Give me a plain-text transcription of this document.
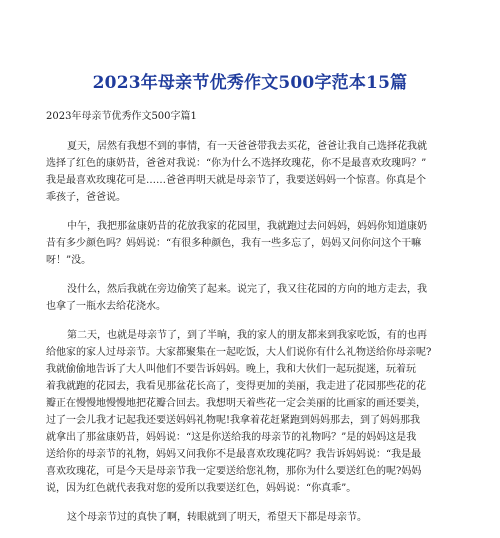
2023年母亲节优秀作文500字范本15篇
2023年母亲节优秀作文500字篇1
夏天，居然有我想不到的事情，有一天爸爸带我去买花，爸爸让我自己选择花我就
选择了红色的康奶昔，爸爸对我说：“你为什么不选择玫瑰花，你不是最喜欢玫瑰吗？”
我是最喜欢玫瑰花可是……爸爸再明天就是母亲节了，我要送妈妈一个惊喜。你真是个
乖孩子，爸爸说。
中午，我把那盆康奶昔的花放我家的花园里，我就跑过去问妈妈，妈妈你知道康奶
昔有多少颜色吗？妈妈说：“有很多种颜色，我有一些多忘了，妈妈又问你问这个干嘛
呀！”没。
没什么，然后我就在旁边偷笑了起来。说完了，我又往花园的方向的地方走去，我
也拿了一瓶水去给花浇水。
第二天，也就是母亲节了，到了半晌，我的家人的朋友都来到我家吃饭，有的也再
给他家的家人过母亲节。大家都聚集在一起吃饭，大人们说你有什么礼物送给你母亲呢?
我就偷偷地告诉了大人叫他们不要告诉妈妈。晚上，我和大伙们一起玩捉迷，玩着玩
着我就跑的花园去，我看见那盆花长高了，变得更加的美丽，我走进了花园那些花的花
瓣正在慢慢地慢慢地把花瓣合回去。我想明天着些花一定会美丽的比画家的画还要美，
过了一会儿我才记起我还要送妈妈礼物呢!我拿着花赶紧跑到妈妈那去，到了妈妈那我
就拿出了那盆康奶昔，妈妈说：“这是你送给我的母亲节的礼物吗？”是的妈妈这是我
送给你的母亲节的礼物，妈妈又问我你不是最喜欢玫瑰花吗？我告诉妈妈说：“我是最
喜欢玫瑰花，可是今天是母亲节我一定要送给您礼物，那你为什么要送红色的呢?妈妈
说，因为红色就代表我对您的爱所以我要送红色，妈妈说：“你真乖”。
这个母亲节过的真快了啊，转眼就到了明天，希望天下都是母亲节。
